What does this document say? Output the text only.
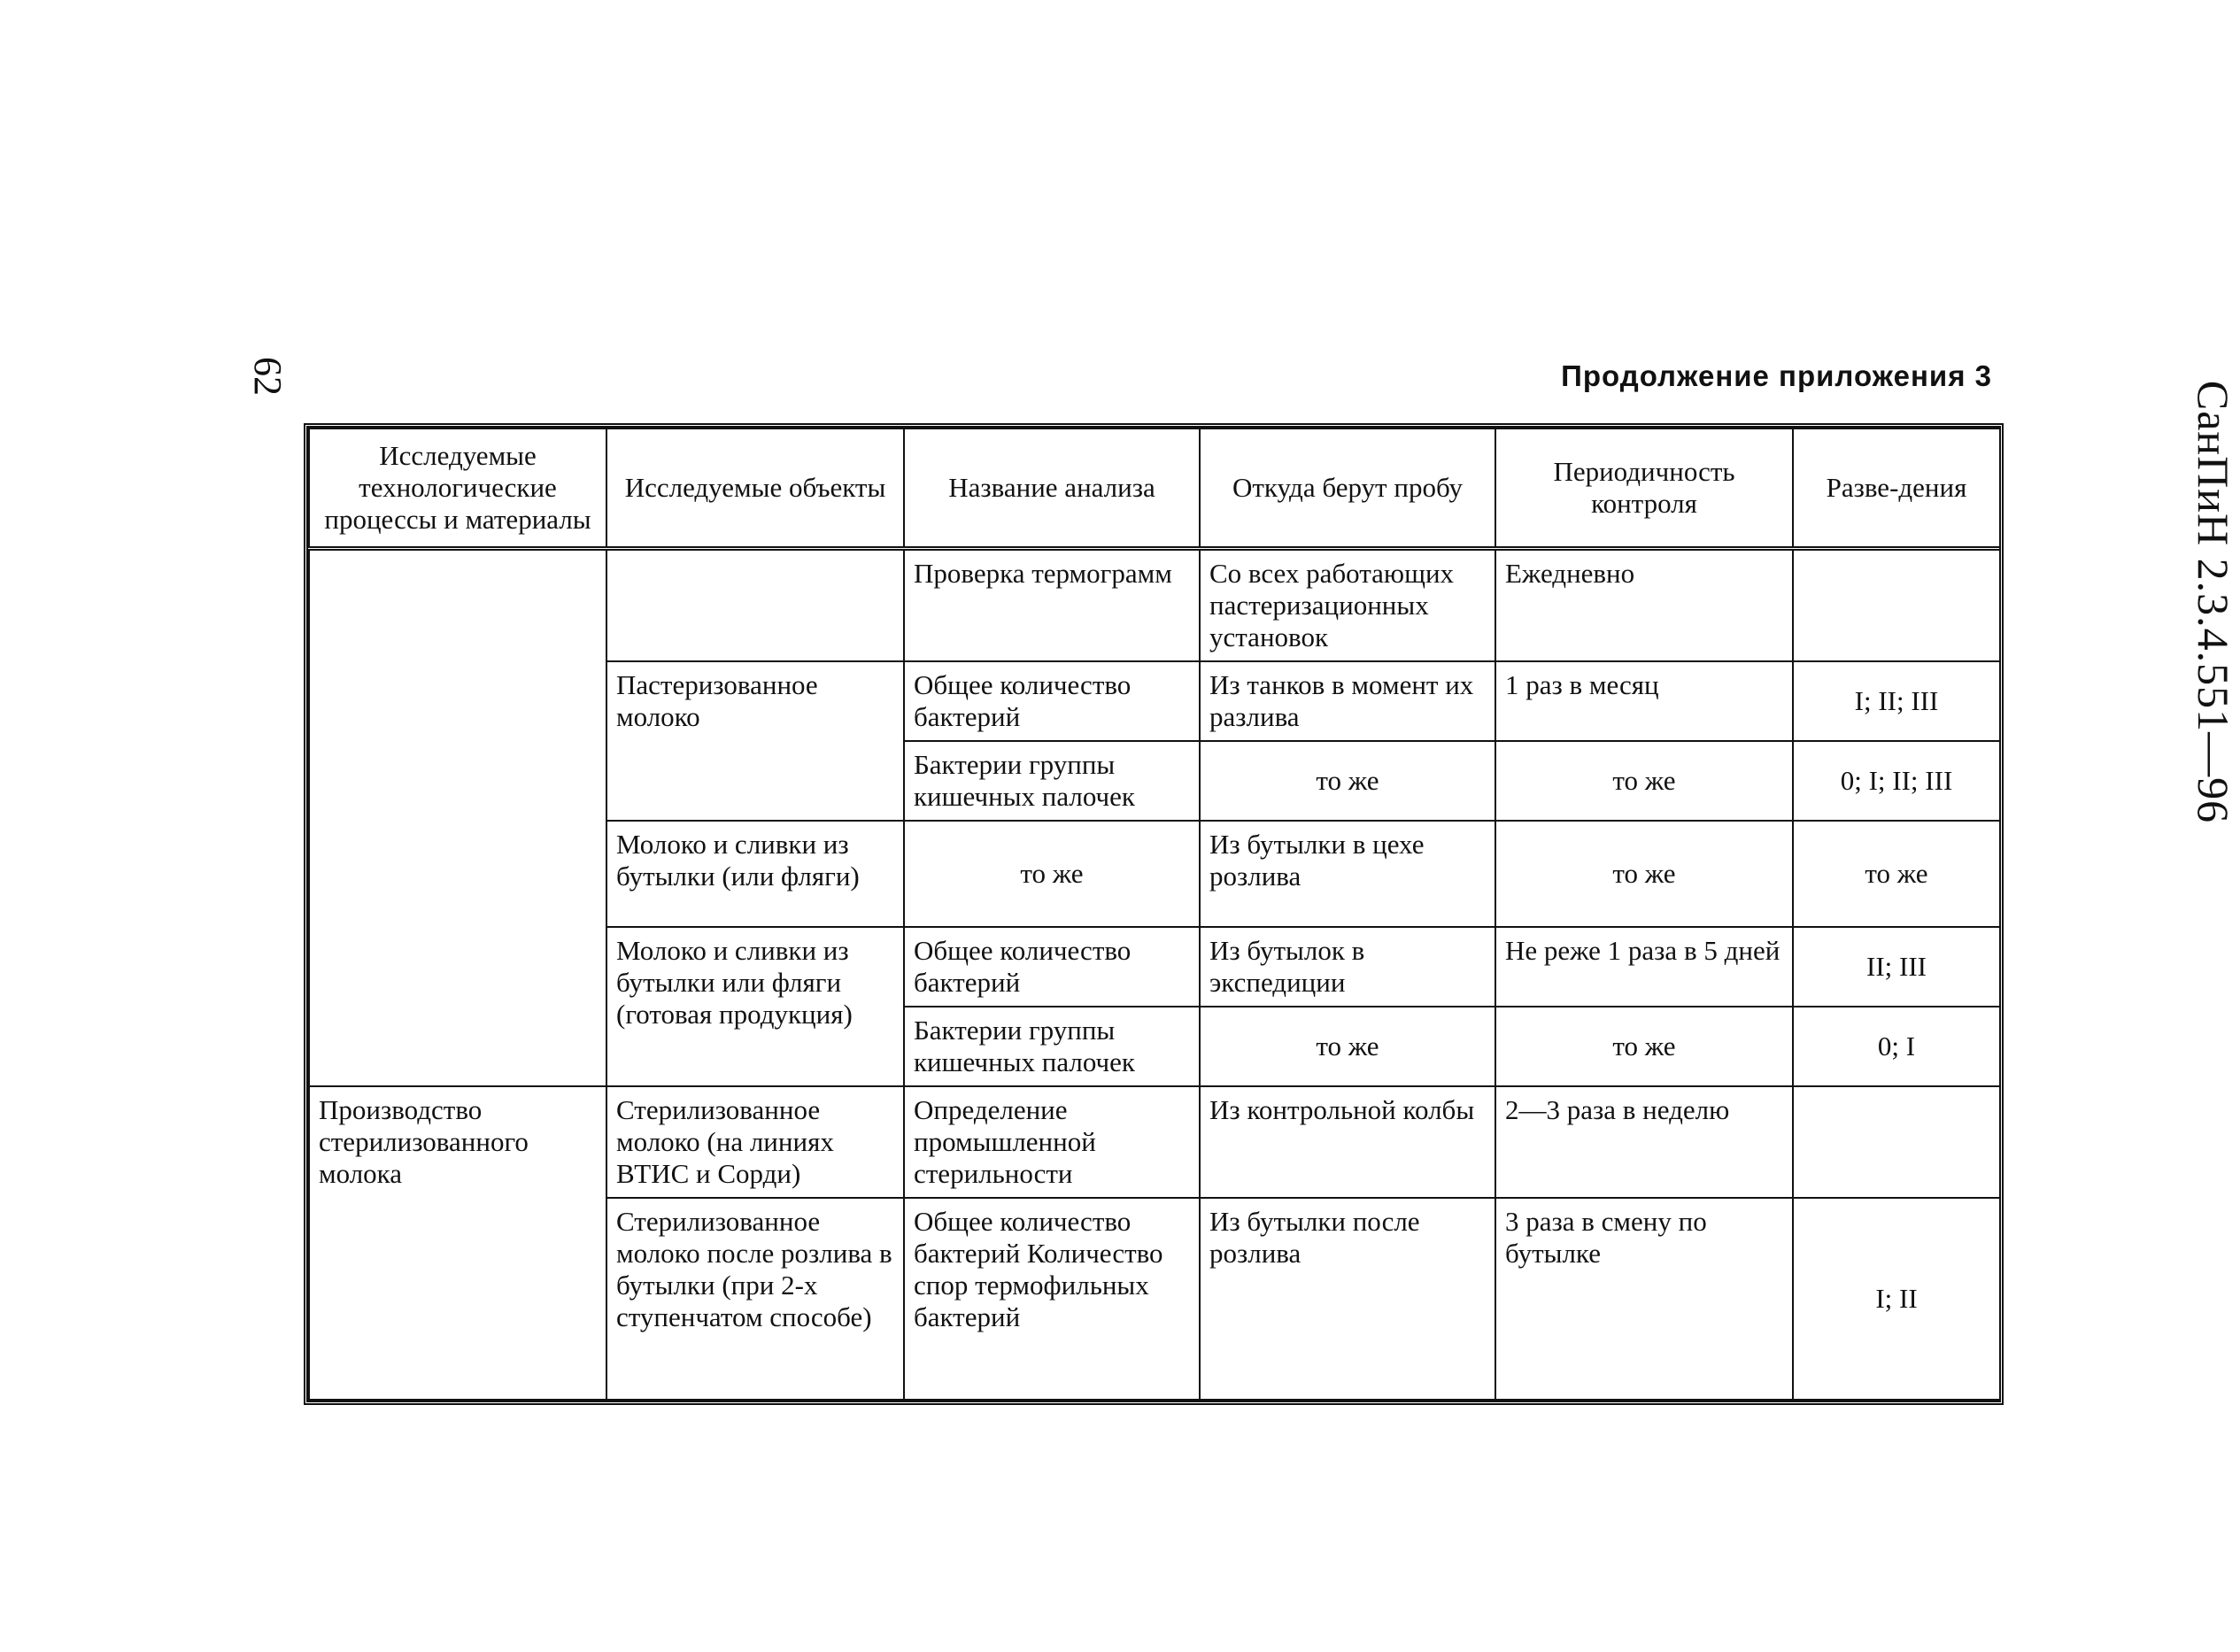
62
СанПиН 2.3.4.551—96
Продолжение приложения 3
Исследуемые технологические процессы и материалы	Исследуемые объекты	Название анализа	Откуда берут пробу	Периодичность контроля	Разве-дения
		Проверка термограмм	Со всех работающих пастеризационных установок	Ежедневно	
	Пастеризованное молоко	Общее количество бактерий	Из танков в момент их разлива	1 раз в месяц	I; II; III
		Бактерии группы кишечных палочек	то же	то же	0; I; II; III
	Молоко и сливки из бутылки (или фляги)	то же	Из бутылки в цехе розлива	то же	то же
	Молоко и сливки из бутылки или фляги (готовая продукция)	Общее количество бактерий	Из бутылок в экспедиции	Не реже 1 раза в 5 дней	II; III
		Бактерии группы кишечных палочек	то же	то же	0; I
Производство стерилизованного молока	Стерилизованное молоко (на линиях ВТИС и Сорди)	Определение промышленной стерильности	Из контрольной колбы	2—3 раза в неделю	
	Стерилизованное молоко после розлива в бутылки (при 2-х ступенчатом способе)	Общее количество бактерий Количество спор термофильных бактерий	Из бутылки после розлива	3 раза в смену по бутылке	I; II
